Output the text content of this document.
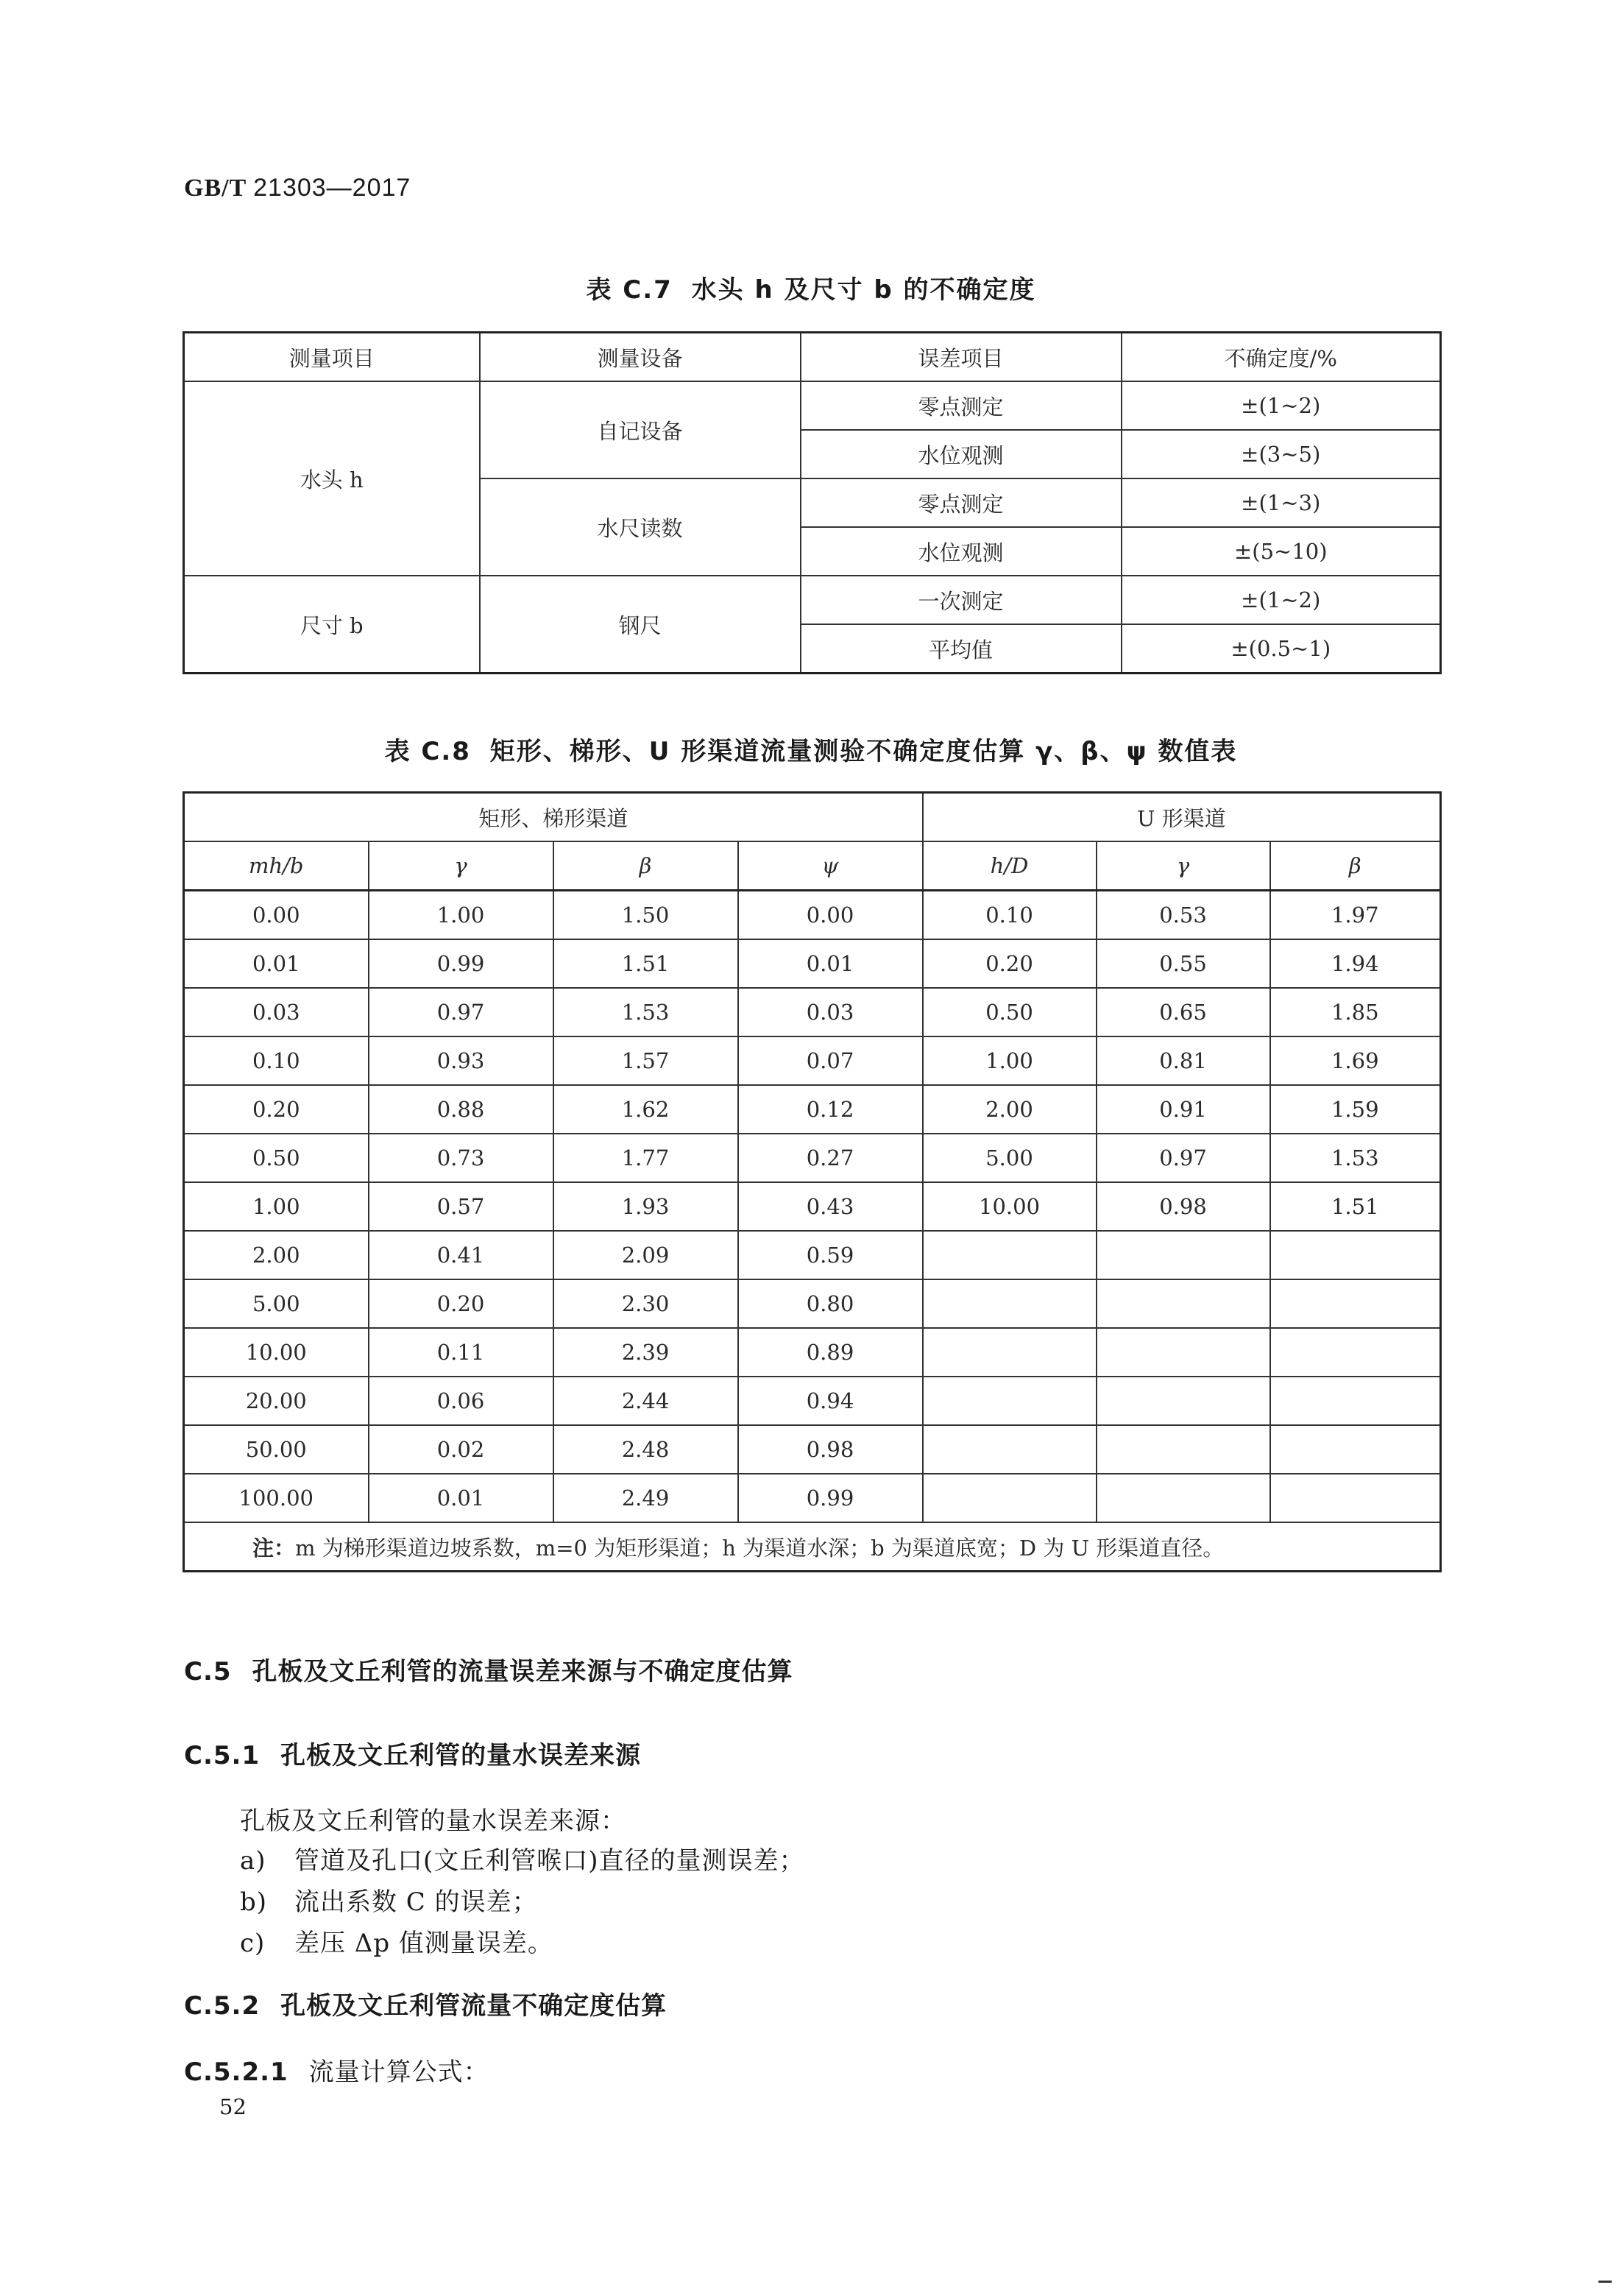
GB/T 21303—2017
表 C.7 水头 h 及尺寸 b 的不确定度
测量项目	测量设备	误差项目	不确定度/%
水头 h	自记设备	零点测定	±(1~2)
		水位观测	±(3~5)
	水尺读数	零点测定	±(1~3)
		水位观测	±(5~10)
尺寸 b	钢尺	一次测定	±(1~2)
		平均值	±(0.5~1)
表 C.8 矩形、梯形、U 形渠道流量测验不确定度估算 γ、β、ψ 数值表
矩形、梯形渠道				U 形渠道		
mh/b	γ	β	ψ	h/D	γ	β
0.00	1.00	1.50	0.00	0.10	0.53	1.97
0.01	0.99	1.51	0.01	0.20	0.55	1.94
0.03	0.97	1.53	0.03	0.50	0.65	1.85
0.10	0.93	1.57	0.07	1.00	0.81	1.69
0.20	0.88	1.62	0.12	2.00	0.91	1.59
0.50	0.73	1.77	0.27	5.00	0.97	1.53
1.00	0.57	1.93	0.43	10.00	0.98	1.51
2.00	0.41	2.09	0.59			
5.00	0.20	2.30	0.80			
10.00	0.11	2.39	0.89			
20.00	0.06	2.44	0.94			
50.00	0.02	2.48	0.98			
100.00	0.01	2.49	0.99			
注：m 为梯形渠道边坡系数，m=0 为矩形渠道；h 为渠道水深；b 为渠道底宽；D 为 U 形渠道直径。						
C.5 孔板及文丘利管的流量误差来源与不确定度估算
C.5.1 孔板及文丘利管的量水误差来源
孔板及文丘利管的量水误差来源：
a) 管道及孔口(文丘利管喉口)直径的量测误差；
b) 流出系数 C 的误差；
c) 差压 Δp 值测量误差。
C.5.2 孔板及文丘利管流量不确定度估算
C.5.2.1 流量计算公式：
52
